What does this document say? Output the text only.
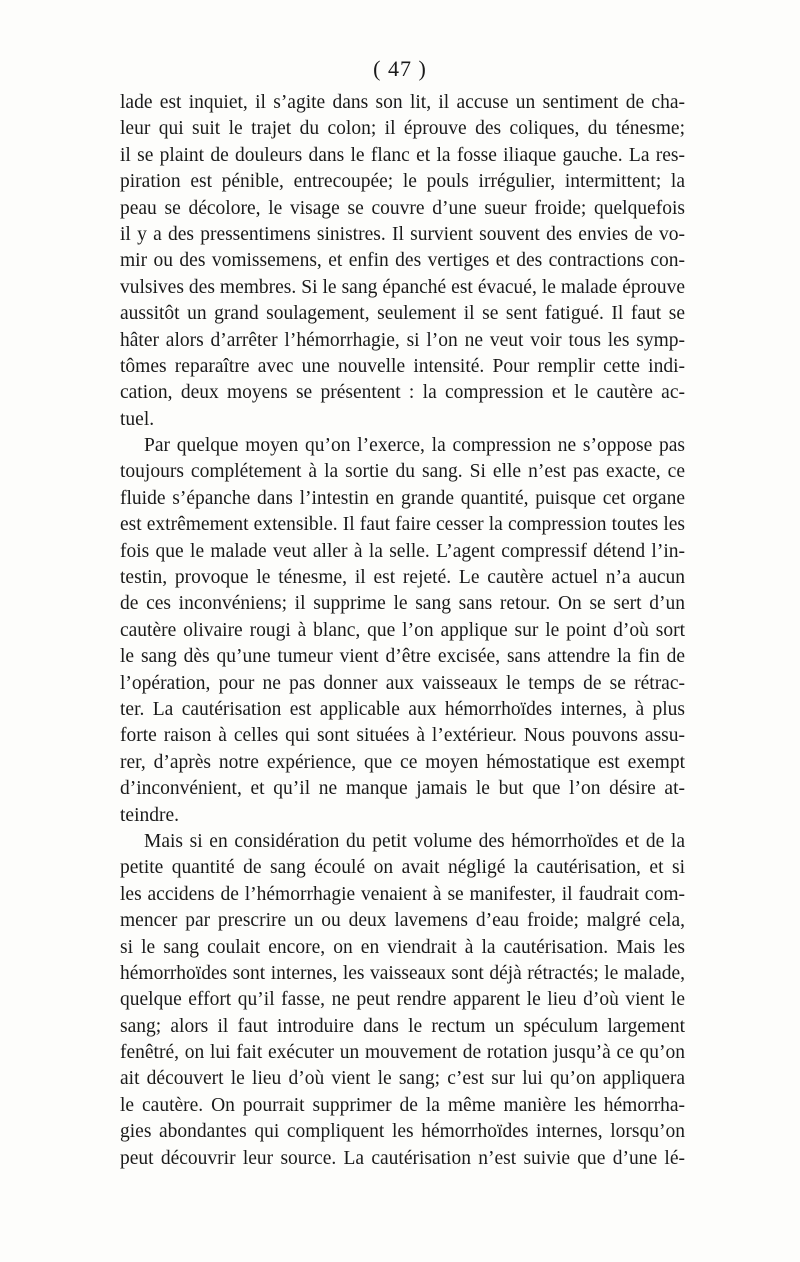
( 47 )
lade est inquiet, il s’agite dans son lit, il accuse un sentiment de cha-
leur qui suit le trajet du colon; il éprouve des coliques, du ténesme;
il se plaint de douleurs dans le flanc et la fosse iliaque gauche. La res-
piration est pénible, entrecoupée; le pouls irrégulier, intermittent; la
peau se décolore, le visage se couvre d’une sueur froide; quelquefois
il y a des pressentimens sinistres. Il survient souvent des envies de vo-
mir ou des vomissemens, et enfin des vertiges et des contractions con-
vulsives des membres. Si le sang épanché est évacué, le malade éprouve
aussitôt un grand soulagement, seulement il se sent fatigué. Il faut se
hâter alors d’arrêter l’hémorrhagie, si l’on ne veut voir tous les symp-
tômes reparaître avec une nouvelle intensité. Pour remplir cette indi-
cation, deux moyens se présentent : la compression et le cautère ac-
tuel.
Par quelque moyen qu’on l’exerce, la compression ne s’oppose pas
toujours complétement à la sortie du sang. Si elle n’est pas exacte, ce
fluide s’épanche dans l’intestin en grande quantité, puisque cet organe
est extrêmement extensible. Il faut faire cesser la compression toutes les
fois que le malade veut aller à la selle. L’agent compressif détend l’in-
testin, provoque le ténesme, il est rejeté. Le cautère actuel n’a aucun
de ces inconvéniens; il supprime le sang sans retour. On se sert d’un
cautère olivaire rougi à blanc, que l’on applique sur le point d’où sort
le sang dès qu’une tumeur vient d’être excisée, sans attendre la fin de
l’opération, pour ne pas donner aux vaisseaux le temps de se rétrac-
ter. La cautérisation est applicable aux hémorrhoïdes internes, à plus
forte raison à celles qui sont situées à l’extérieur. Nous pouvons assu-
rer, d’après notre expérience, que ce moyen hémostatique est exempt
d’inconvénient, et qu’il ne manque jamais le but que l’on désire at-
teindre.
Mais si en considération du petit volume des hémorrhoïdes et de la
petite quantité de sang écoulé on avait négligé la cautérisation, et si
les accidens de l’hémorrhagie venaient à se manifester, il faudrait com-
mencer par prescrire un ou deux lavemens d’eau froide; malgré cela,
si le sang coulait encore, on en viendrait à la cautérisation. Mais les
hémorrhoïdes sont internes, les vaisseaux sont déjà rétractés; le malade,
quelque effort qu’il fasse, ne peut rendre apparent le lieu d’où vient le
sang; alors il faut introduire dans le rectum un spéculum largement
fenêtré, on lui fait exécuter un mouvement de rotation jusqu’à ce qu’on
ait découvert le lieu d’où vient le sang; c’est sur lui qu’on appliquera
le cautère. On pourrait supprimer de la même manière les hémorrha-
gies abondantes qui compliquent les hémorrhoïdes internes, lorsqu’on
peut découvrir leur source. La cautérisation n’est suivie que d’une lé-
